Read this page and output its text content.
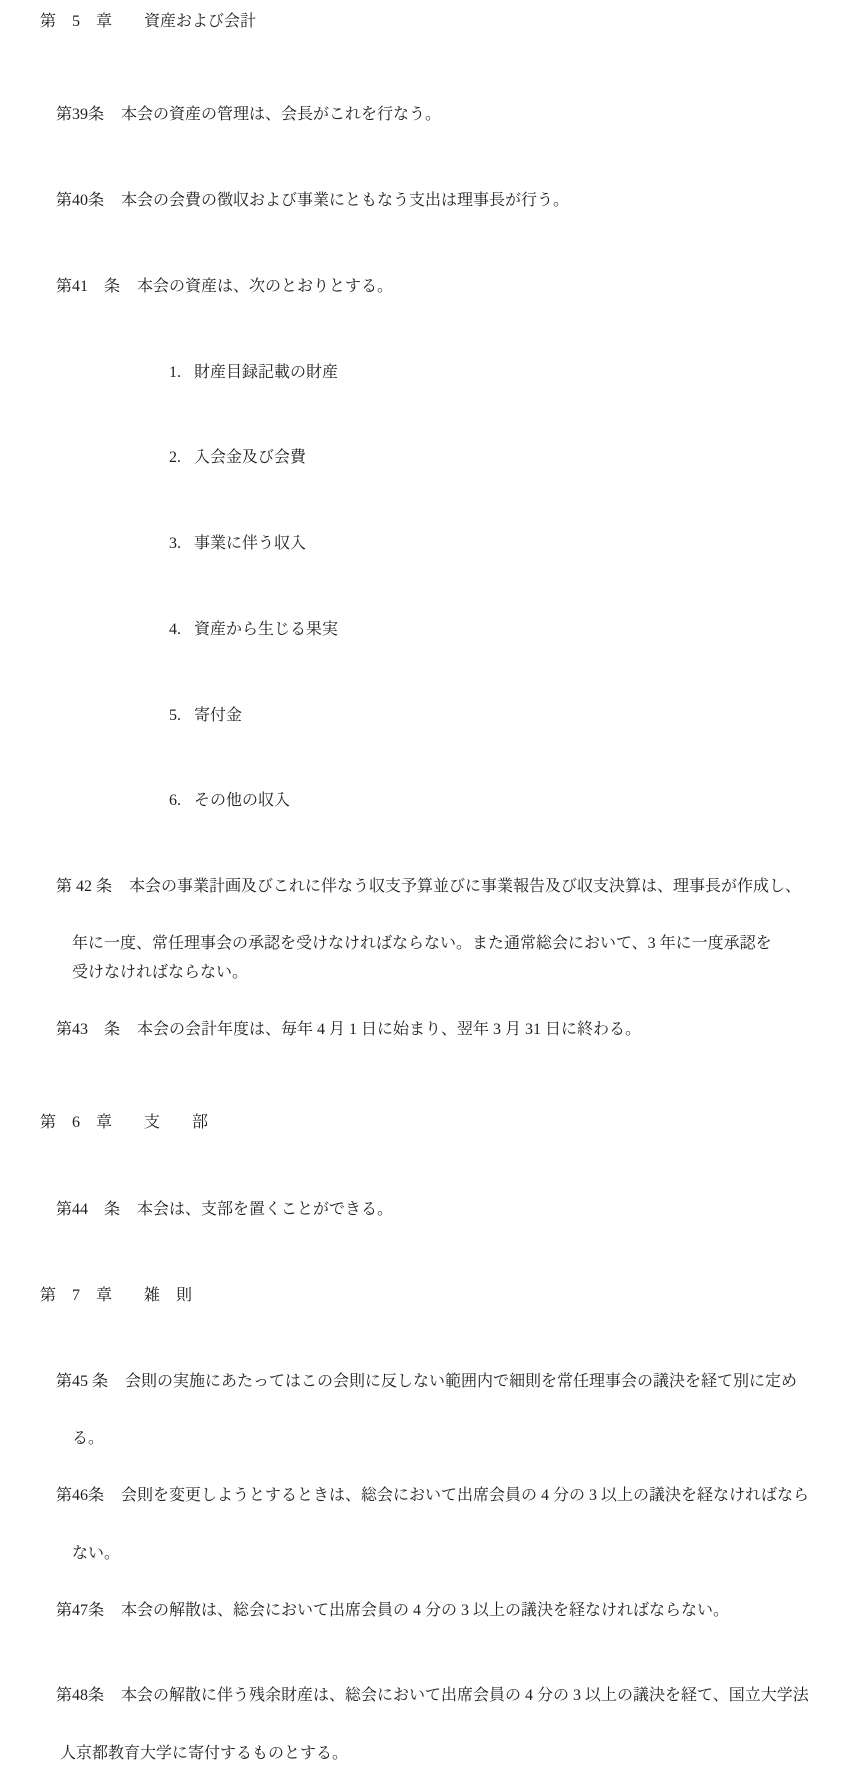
第　5　章　　資産および会計

第39条 本会の資産の管理は、会長がこれを行なう。

第40条 本会の会費の徴収および事業にともなう支出は理事長が行う。

第41　条 本会の資産は、次のとおりとする。

1. 財産目録記載の財産

2. 入会金及び会費

3. 事業に伴う収入

4. 資産から生じる果実

5. 寄付金

6. その他の収入

第 42 条 本会の事業計画及びこれに伴なう収支予算並びに事業報告及び収支決算は、理事長が作成し、

年に一度、常任理事会の承認を受けなければならない。また通常総会において、3 年に一度承認を
受けなければならない。

第43　条 本会の会計年度は、毎年 4 月 1 日に始まり、翌年 3 月 31 日に終わる。

第　6　章　　支　　部

第44　条 本会は、支部を置くことができる。

第　7　章　　雑　則

第45 条 会則の実施にあたってはこの会則に反しない範囲内で細則を常任理事会の議決を経て別に定め

る。

第46条 会則を変更しようとするときは、総会において出席会員の 4 分の 3 以上の議決を経なければなら

ない。

第47条 本会の解散は、総会において出席会員の 4 分の 3 以上の議決を経なければならない。

第48条 本会の解散に伴う残余財産は、総会において出席会員の 4 分の 3 以上の議決を経て、国立大学法

人京都教育大学に寄付するものとする。
